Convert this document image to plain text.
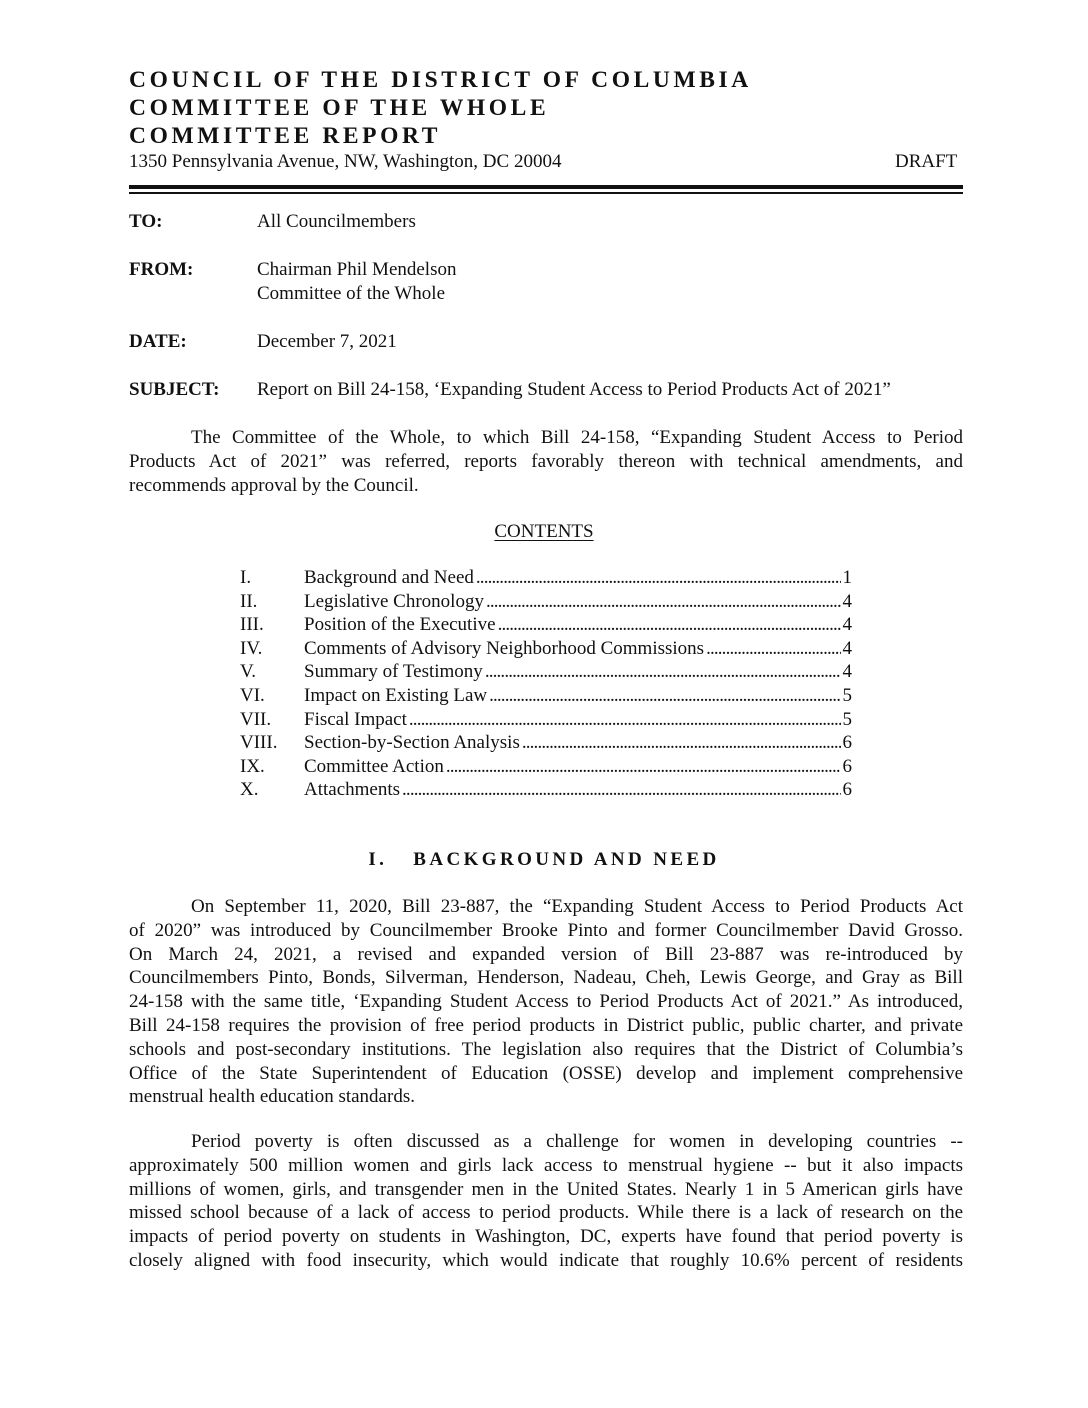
COUNCIL OF THE DISTRICT OF COLUMBIA
COMMITTEE OF THE WHOLE
COMMITTEE REPORT
1350 Pennsylvania Avenue, NW, Washington, DC 20004	DRAFT
TO:	All Councilmembers
FROM:	Chairman Phil Mendelson
Committee of the Whole
DATE:	December 7, 2021
SUBJECT: Report on Bill 24-158, ‘Expanding Student Access to Period Products Act of 2021”
The Committee of the Whole, to which Bill 24-158, “Expanding Student Access to Period
Products Act of 2021” was referred, reports favorably thereon with technical amendments, and
recommends approval by the Council.
CONTENTS
I.	Background and Need . . .	1
II. Legislative Chronology . . .	4
III. Position of the Executive . . .	4
IV. Comments of Advisory Neighborhood Commissions . . .	4
V.	Summary of Testimony . . .	4
VI. Impact on Existing Law . . .	5
VII. Fiscal Impact . . .	5
VIII. Section-by-Section Analysis . . .	6
IX. Committee Action . . .	6
X. Attachments . . .	6
I. BACKGROUND AND NEED
On September 11, 2020, Bill 23-887, the “Expanding Student Access to Period Products Act
of 2020” was introduced by Councilmember Brooke Pinto and former Councilmember David Grosso.
On March 24, 2021, a revised and expanded version of Bill 23-887 was re-introduced by
Councilmembers Pinto, Bonds, Silverman, Henderson, Nadeau, Cheh, Lewis George, and Gray as Bill
24-158 with the same title, ‘Expanding Student Access to Period Products Act of 2021.” As introduced,
Bill 24-158 requires the provision of free period products in District public, public charter, and private
schools and post-secondary institutions. The legislation also requires that the District of Columbia’s
Office of the State Superintendent of Education (OSSE) develop and implement comprehensive
menstrual health education standards.
Period poverty is often discussed as a challenge for women in developing countries --
approximately 500 million women and girls lack access to menstrual hygiene -- but it also impacts
millions of women, girls, and transgender men in the United States. Nearly 1 in 5 American girls have
missed school because of a lack of access to period products. While there is a lack of research on the
impacts of period poverty on students in Washington, DC, experts have found that period poverty is
closely aligned with food insecurity, which would indicate that roughly 10.6% percent of residents
